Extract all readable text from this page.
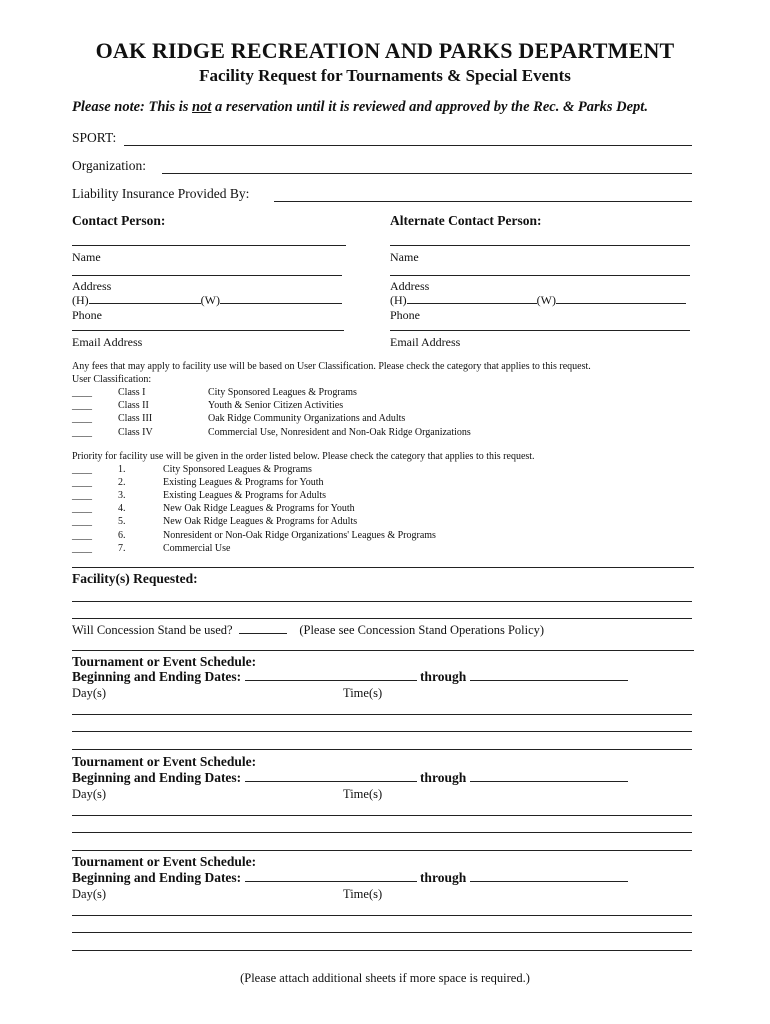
OAK RIDGE RECREATION AND PARKS DEPARTMENT
Facility Request for Tournaments & Special Events
Please note: This is not a reservation until it is reviewed and approved by the Rec. & Parks Dept.
SPORT:
Organization:
Liability Insurance Provided By:
Contact Person:	Alternate Contact Person:
Name	Name
Address	Address
(H)	(W)	(H)	(W)
Phone	Phone
Email Address	Email Address
Any fees that may apply to facility use will be based on User Classification. Please check the category that applies to this request.
User Classification:
____	Class I	City Sponsored Leagues & Programs
____	Class II	Youth & Senior Citizen Activities
____	Class III	Oak Ridge Community Organizations and Adults
____	Class IV	Commercial Use, Nonresident and Non-Oak Ridge Organizations
Priority for facility use will be given in the order listed below. Please check the category that applies to this request.
____	1.	City Sponsored Leagues & Programs
____	2.	Existing Leagues & Programs for Youth
____	3.	Existing Leagues & Programs for Adults
____	4.	New Oak Ridge Leagues & Programs for Youth
____	5.	New Oak Ridge Leagues & Programs for Adults
____	6.	Nonresident or Non-Oak Ridge Organizations' Leagues & Programs
____	7.	Commercial Use
Facility(s) Requested:
Will Concession Stand be used?	(Please see Concession Stand Operations Policy)
Tournament or Event Schedule:
Beginning and Ending Dates:	through
Day(s)	Time(s)
Tournament or Event Schedule:
Beginning and Ending Dates:	through
Day(s)	Time(s)
Tournament or Event Schedule:
Beginning and Ending Dates:	through
Day(s)	Time(s)
(Please attach additional sheets if more space is required.)
